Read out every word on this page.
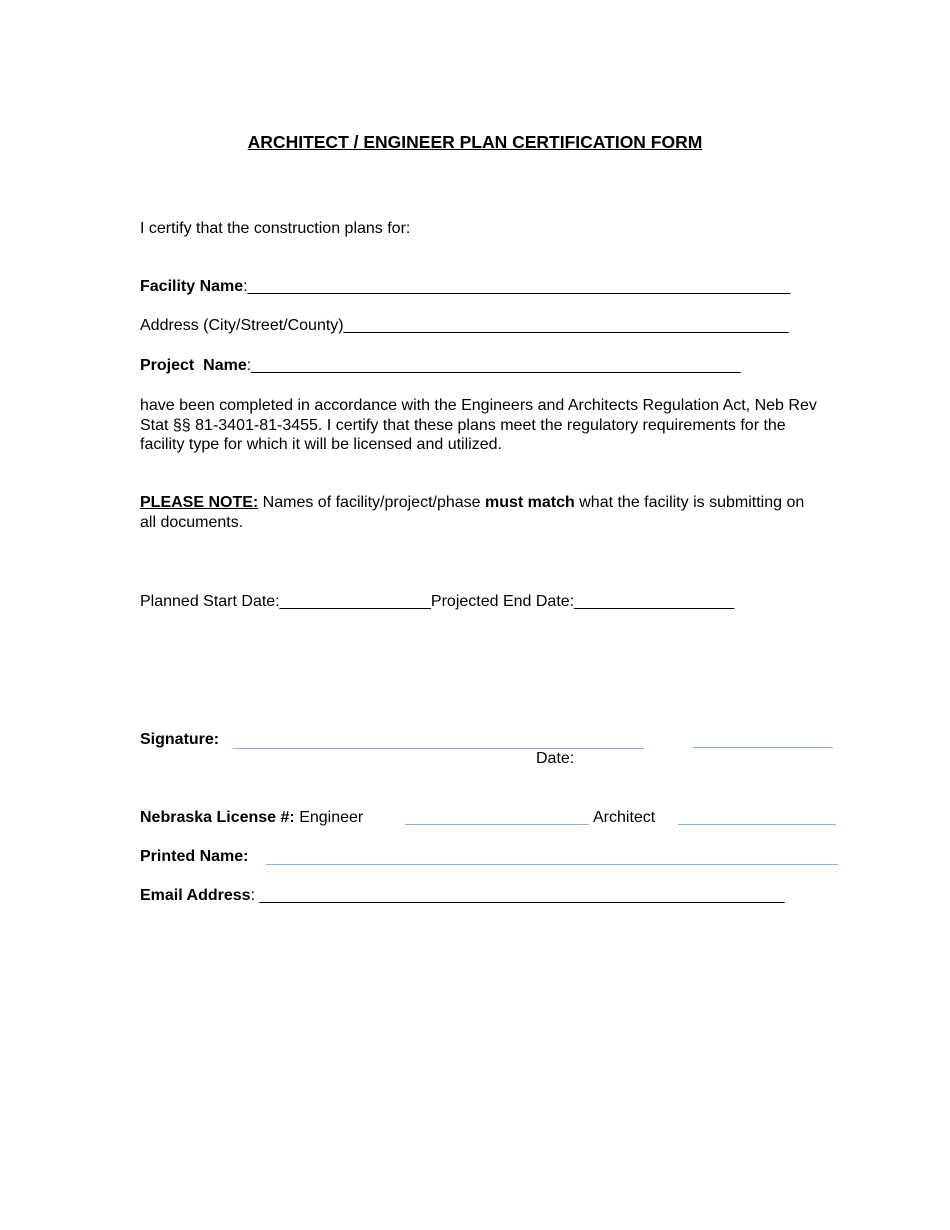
ARCHITECT / ENGINEER PLAN CERTIFICATION FORM
I certify that the construction plans for:
Facility Name:_____________________________________________________________
Address (City/Street/County)__________________________________________________
Project  Name:_______________________________________________________
have been completed in accordance with the Engineers and Architects Regulation Act, Neb Rev Stat §§ 81-3401-81-3455. I certify that these plans meet the regulatory requirements for the facility type for which it will be licensed and utilized.
PLEASE NOTE: Names of facility/project/phase must match what the facility is submitting on all documents.
Planned Start Date:_________________Projected End Date:__________________
Signature:
Date:
Nebraska License #: Engineer	Architect
Printed Name:
Email Address: ___________________________________________________________
